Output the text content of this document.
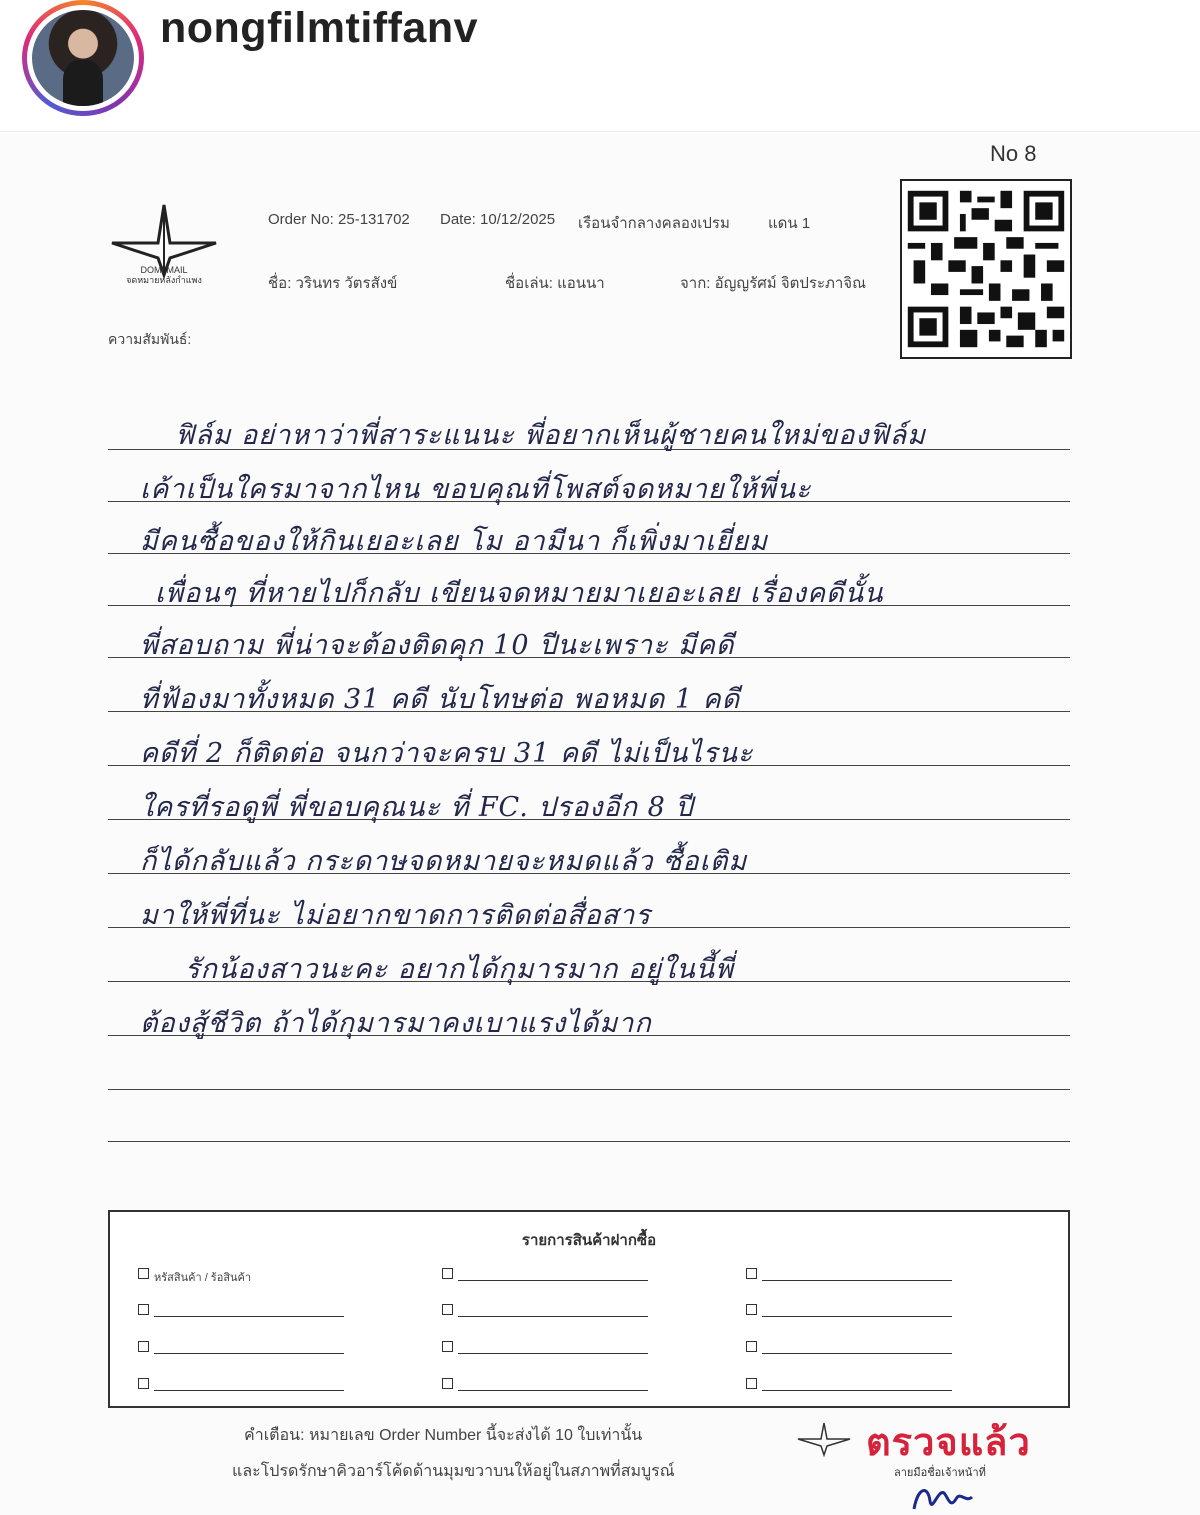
nongfilmtiffanv
No 8
DOMI MAIL
จดหมายหลังกำแพง
Order No: 25-131702 Date: 10/12/2025 เรือนจำกลางคลองเปรม	แดน 1
ชื่อ: วรินทร วัตรสังข์	ชื่อเล่น: แอนนา	จาก: อัญญรัศม์ จิตประภาจิณ
ความสัมพันธ์:
ฟิล์ม อย่าหาว่าพี่สาระแนนะ พี่อยากเห็นผู้ชายคนใหม่ของฟิล์ม
เค้าเป็นใครมาจากไหน ขอบคุณที่โพสต์จดหมายให้พี่นะ
มีคนซื้อของให้กินเยอะเลย โม อามีนา ก็เพิ่งมาเยี่ยม
เพื่อนๆ ที่หายไปก็กลับ เขียนจดหมายมาเยอะเลย เรื่องคดีนั้น
พี่สอบถาม พี่น่าจะต้องติดคุก 10 ปีนะเพราะ มีคดี
ที่ฟ้องมาทั้งหมด 31 คดี นับโทษต่อ พอหมด 1 คดี
คดีที่ 2 ก็ติดต่อ จนกว่าจะครบ 31 คดี ไม่เป็นไรนะ
ใครที่รอดูพี่ พี่ขอบคุณนะ ที่ FC. ปรองอีก 8 ปี
ก็ได้กลับแล้ว กระดาษจดหมายจะหมดแล้ว ซื้อเติม
มาให้พี่ที่นะ ไม่อยากขาดการติดต่อสื่อสาร
รักน้องสาวนะคะ อยากได้กุมารมาก อยู่ในนี้พี่
ต้องสู้ชีวิต ถ้าได้กุมารมาคงเบาแรงได้มาก
รายการสินค้าฝากซื้อ
หรัสสินค้า / ร้อสินค้า
คำเตือน: หมายเลข Order Number นี้จะส่งได้ 10 ใบเท่านั้น
และโปรดรักษาคิวอาร์โค้ดด้านมุมขวาบนให้อยู่ในสภาพที่สมบูรณ์
ตรวจแล้ว
ลายมือชื่อเจ้าหน้าที่
